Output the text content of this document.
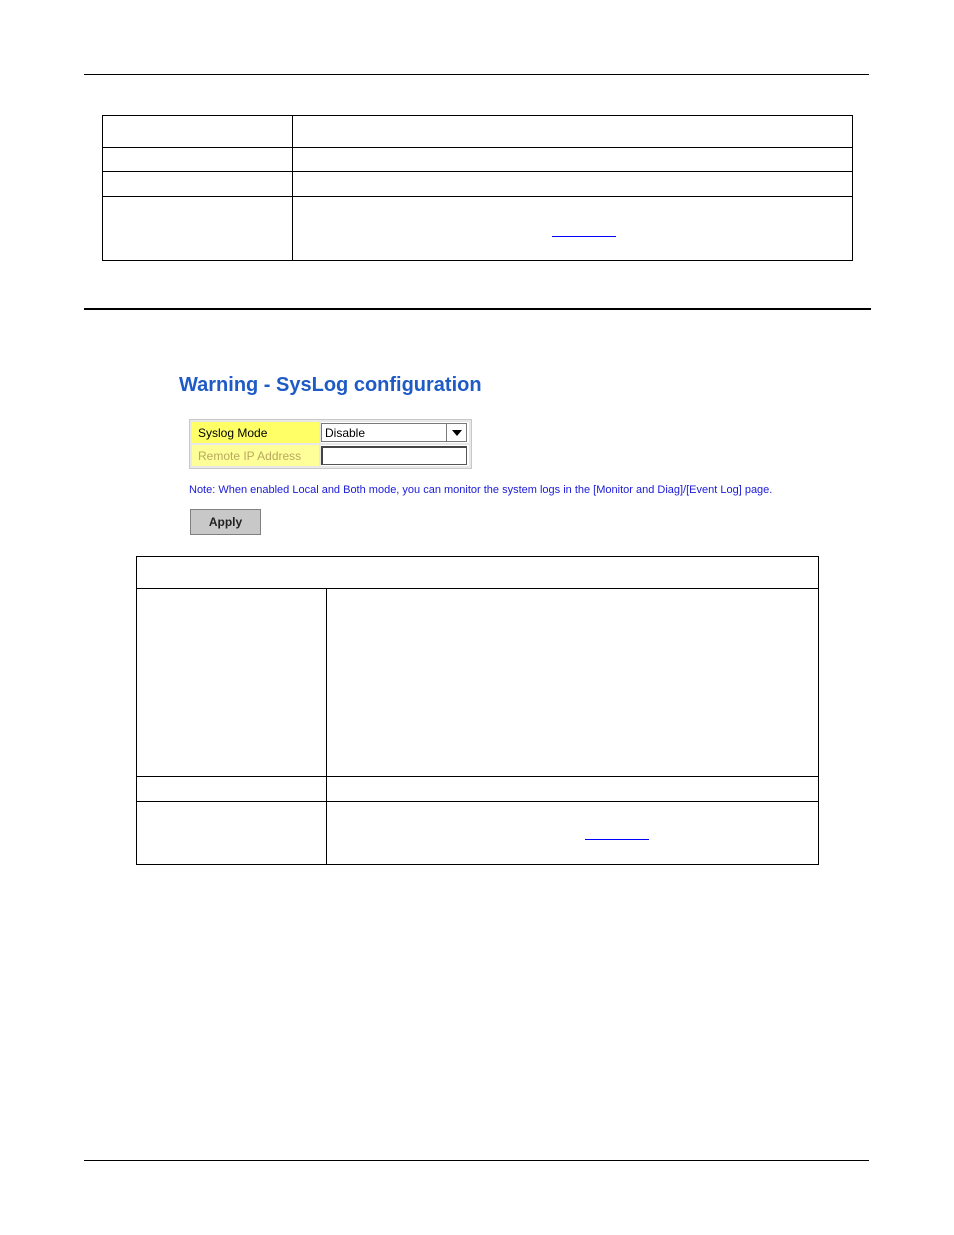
Warning - SysLog configuration
Syslog Mode	Disable

Remote IP Address	
Note: When enabled Local and Both mode, you can monitor the system logs in the [Monitor and Diag]/[Event Log] page.
Apply
